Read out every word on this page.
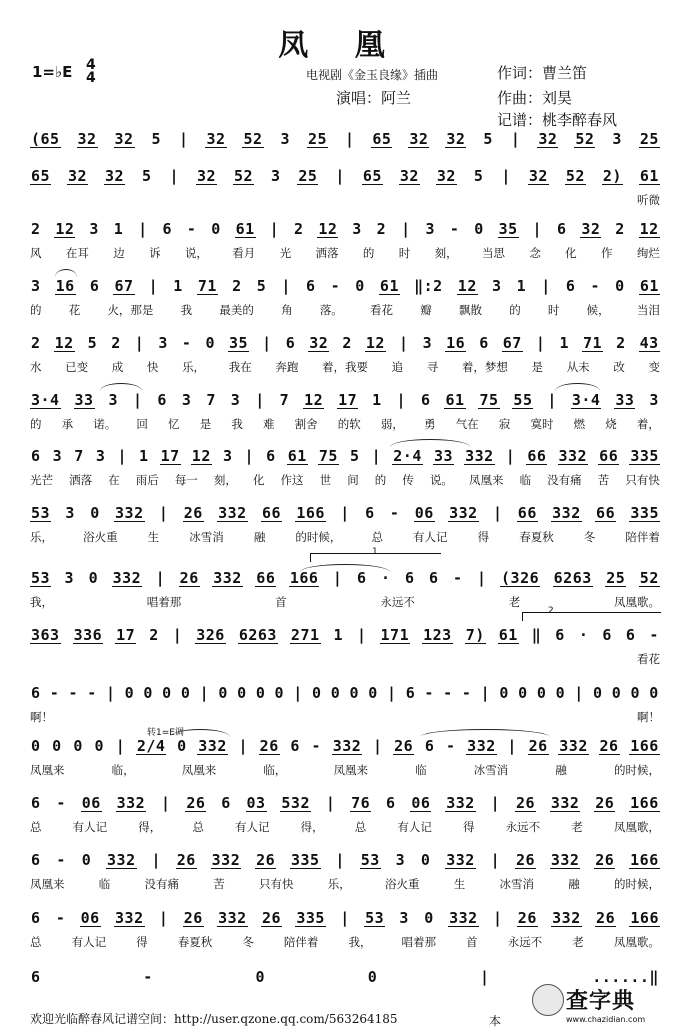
凤 凰
1=♭E 4
4	电视剧《金玉良缘》插曲	作词：曹兰笛
演唱：阿兰	作曲：刘昊
记谱：桃李醉春风
(65 32 32 5 | 32 52 3 25 | 65 32 32 5 | 32 52 3 25
65 32 32 5 | 32 52 3 25 | 65 32 32 5 | 32 52 2) 61
听微
2 12 3 1 | 6 - 0 61 | 2 12 3 2 | 3 - 0 35 | 6 32 2 12
风 在耳 边 诉 说， 看月 光 洒落 的 时 刻， 当思 念 化 作 绚烂
3 16 6 67 | 1 71 2 5 | 6 - 0 61 ‖:2 12 3 1 | 6 - 0 61
的 花 火，那是 我 最美的 角 落。 看花 瓣 飘散 的 时 候， 当泪
2 12 5 2 | 3 - 0 35 | 6 32 2 12 | 3 16 6 67 | 1 71 2 43
水 已变 成 快 乐， 我在 奔跑 着，我要 追 寻 着，梦想 是 从未 改 变
3·4 33 3 | 6 3 7 3 | 7 12 17 1 | 6 61 75 55 | 3·4 33 3
的 承 诺。 回 忆 是 我 难 割舍 的软 弱， 勇 气在 寂 寞时 燃 烧 着，
6 3 7 3 | 1 17 12 3 | 6 61 75 5 | 2·4 33 332 | 66 332 66 335
光芒 洒落 在 雨后 每一 刻， 化 作这 世 间 的 传 说。 凤凰来 临 没有痛 苦 只有快
53 3 0 332 | 26 332 66 166 | 6 - 06 332 | 66 332 66 335
乐，	浴火重	生	冰雪消	融	的时候，	总	有人记	得	春夏秋	冬	陪伴着
53 3 0 332 | 26 332 66 166 | 6 · 6 6 - | (326 6263 25 52
我，	唱着那	首	永远不	老	凤凰歌。
363 336 17 2 | 326 6263 271 1 | 171 123 7) 61 ‖ 6 · 6 6 -
看花
6 - - - | 0 0 0 0 | 0 0 0 0 | 0 0 0 0 | 6 - - - | 0 0 0 0 | 0 0 0 0
啊！	啊！
0 0 0 0 | 2/4 0 332 | 26 6 - 332 | 26 6 - 332 | 26 332 26 166
凤凰来	临，	凤凰来	临，	凤凰来	临	冰雪消	融	的时候，
6 - 06 332 | 26 6 03 532 | 76 6 06 332 | 26 332 26 166
总	有人记	得，	总	有人记	得，	总	有人记	得	永远不	老	凤凰歌，
6 - 0 332 | 26 332 26 335 | 53 3 0 332 | 26 332 26 166
凤凰来	临	没有痛	苦	只有快	乐，	浴火重	生	冰雪消	融	的时候，
6 - 06 332 | 26 332 26 335 | 53 3 0 332 | 26 332 26 166
总	有人记	得	春夏秋	冬	陪伴着	我，	唱着那	首	永远不	老	凤凰歌。
6	-	0	0	|	......‖
1
2
转1=E调
欢迎光临醉春风记谱空间：http://user.qzone.qq.com/563264185	本
查字典
www.chazidian.com
